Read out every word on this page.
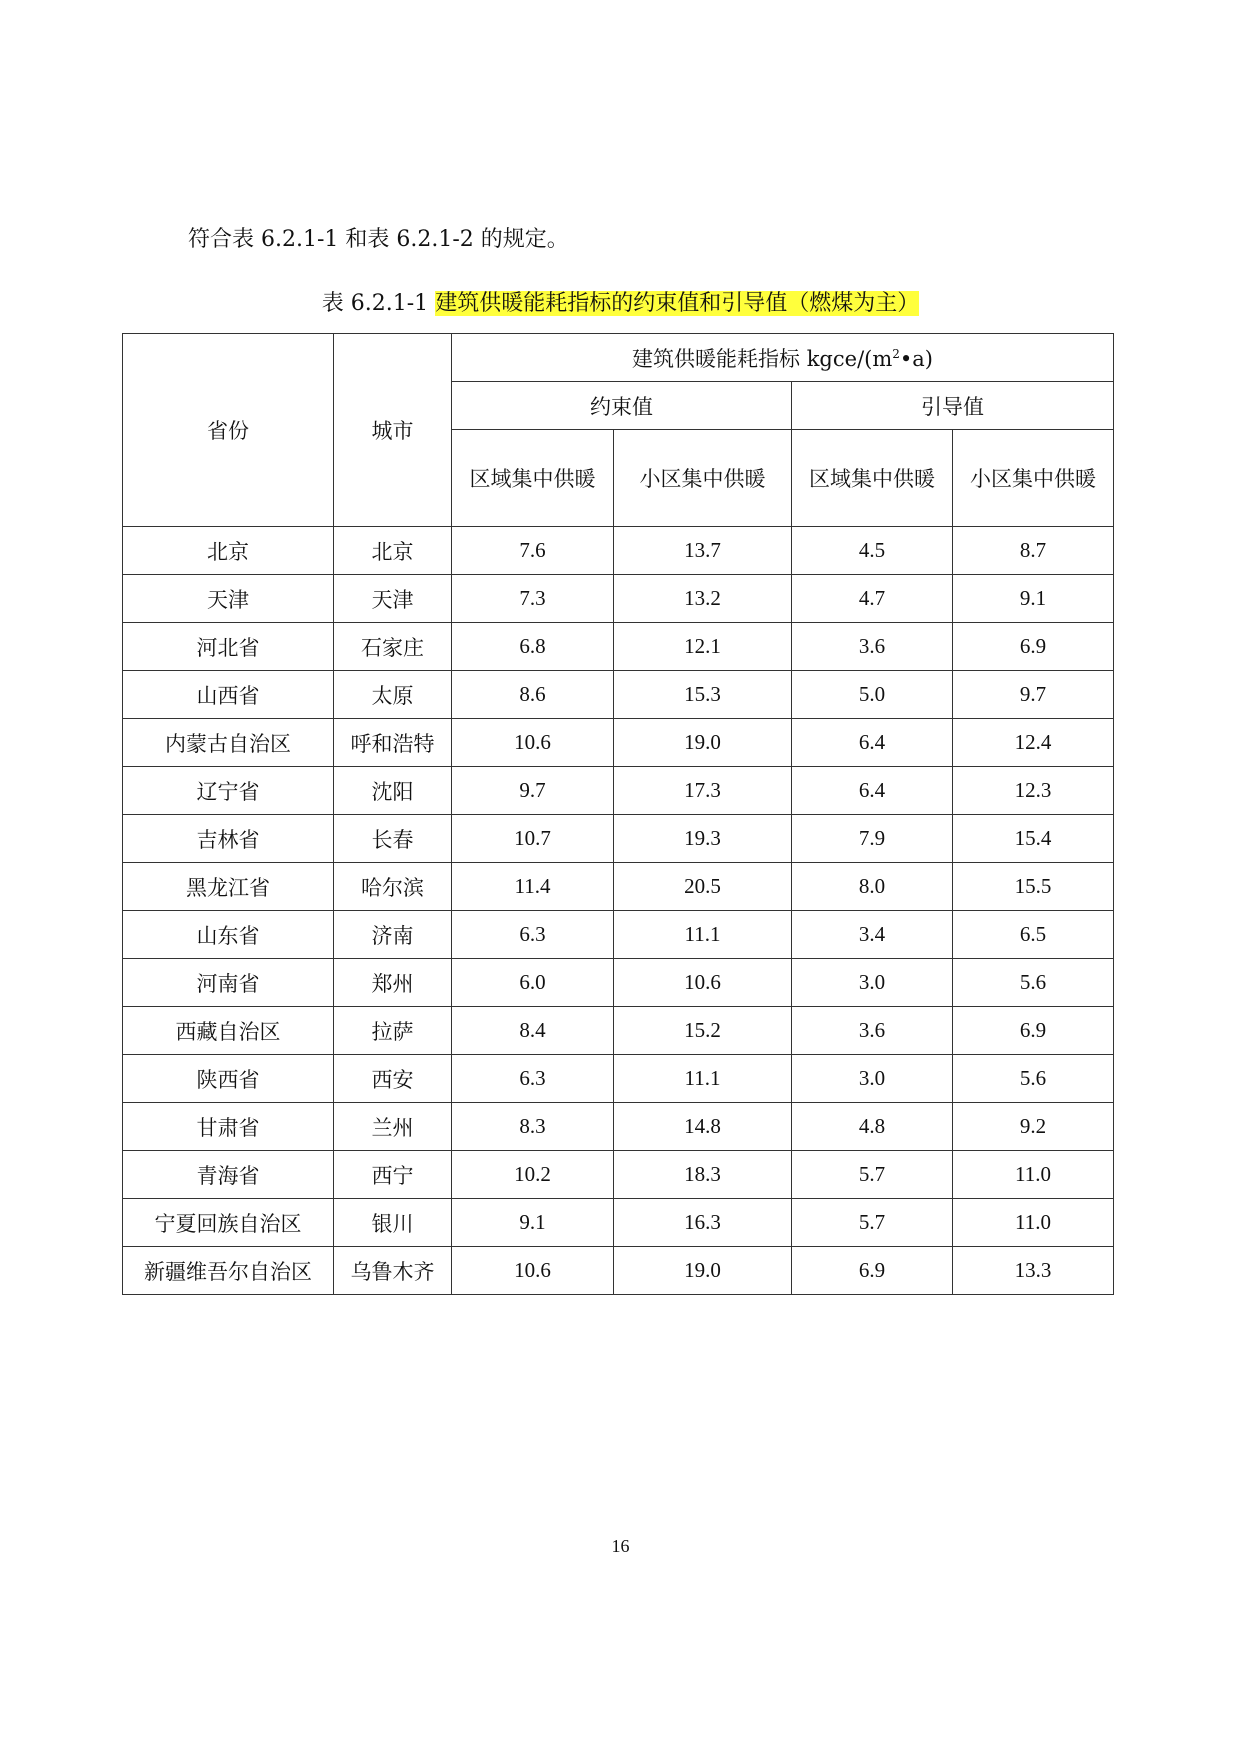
符合表 6.2.1-1 和表 6.2.1-2 的规定。
表 6.2.1-1 建筑供暖能耗指标的约束值和引导值（燃煤为主）
省份	城市	建筑供暖能耗指标 kgce/$(m^2•a)$			
		约束值		引导值	
		区域集中供暖	小区集中供暖	区域集中供暖	小区集中供暖
北京	北京	7.6	13.7	4.5	8.7
天津	天津	7.3	13.2	4.7	9.1
河北省	石家庄	6.8	12.1	3.6	6.9
山西省	太原	8.6	15.3	5.0	9.7
内蒙古自治区	呼和浩特	10.6	19.0	6.4	12.4
辽宁省	沈阳	9.7	17.3	6.4	12.3
吉林省	长春	10.7	19.3	7.9	15.4
黑龙江省	哈尔滨	11.4	20.5	8.0	15.5
山东省	济南	6.3	11.1	3.4	6.5
河南省	郑州	6.0	10.6	3.0	5.6
西藏自治区	拉萨	8.4	15.2	3.6	6.9
陕西省	西安	6.3	11.1	3.0	5.6
甘肃省	兰州	8.3	14.8	4.8	9.2
青海省	西宁	10.2	18.3	5.7	11.0
宁夏回族自治区	银川	9.1	16.3	5.7	11.0
新疆维吾尔自治区	乌鲁木齐	10.6	19.0	6.9	13.3
16
